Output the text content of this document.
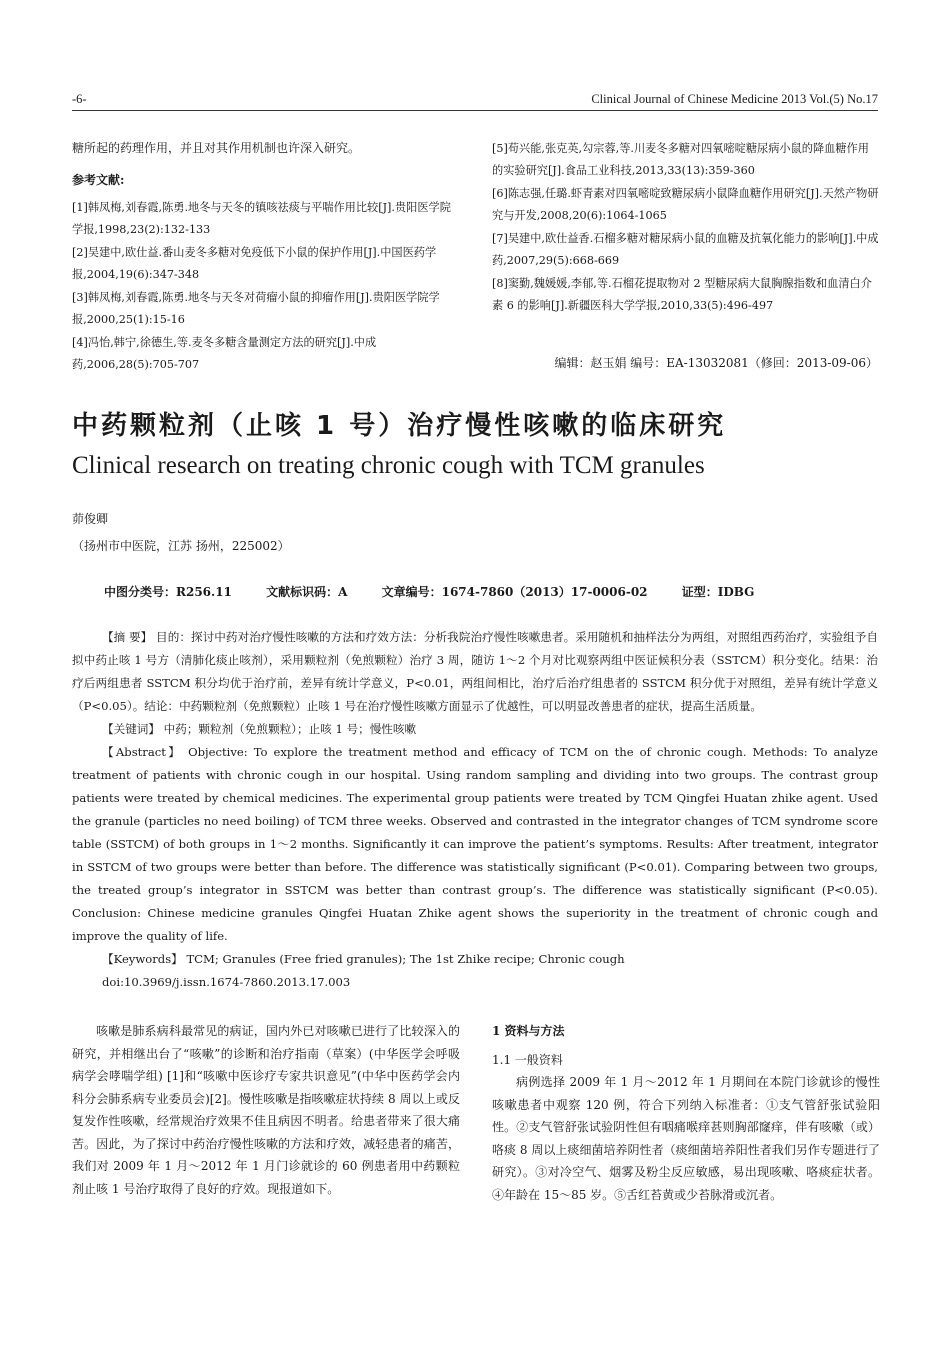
-6-	Clinical Journal of Chinese Medicine 2013 Vol.(5) No.17

糖所起的药理作用，并且对其作用机制也许深入研究。

参考文献:

[1]韩凤梅,刘春霞,陈勇.地冬与天冬的镇咳祛痰与平喘作用比较[J].贵阳医学院学报,1998,23(2):132-133

[2]吴建中,欧仕益.番山麦冬多糖对免疫低下小鼠的保护作用[J].中国医药学报,2004,19(6):347-348

[3]韩凤梅,刘春霞,陈勇.地冬与天冬对荷瘤小鼠的抑瘤作用[J].贵阳医学院学报,2000,25(1):15-16

[4]冯怡,韩宁,徐德生,等.麦冬多糖含量测定方法的研究[J].中成药,2006,28(5):705-707

[5]苟兴能,张克英,勾宗蓉,等.川麦冬多糖对四氧嘧啶糖尿病小鼠的降血糖作用的实验研究[J].食品工业科技,2013,33(13):359-360

[6]陈志强,任璐.虾青素对四氧嘧啶致糖尿病小鼠降血糖作用研究[J].天然产物研究与开发,2008,20(6):1064-1065

[7]吴建中,欧仕益香.石榴多糖对糖尿病小鼠的血糖及抗氧化能力的影响[J].中成药,2007,29(5):668-669

[8]窦勤,魏媛媛,李郁,等.石榴花提取物对 2 型糖尿病大鼠胸腺指数和血清白介素 6 的影响[J].新疆医科大学学报,2010,33(5):496-497

编辑：赵玉娟 编号：EA-13032081（修回：2013-09-06）
中药颗粒剂（止咳 1 号）治疗慢性咳嗽的临床研究
Clinical research on treating chronic cough with TCM granules
茆俊卿
（扬州市中医院，江苏 扬州，225002）
中图分类号：R256.11	文献标识码：A	文章编号：1674-7860（2013）17-0006-02	证型：IDBG

【摘 要】 目的：探讨中药对治疗慢性咳嗽的方法和疗效方法：分析我院治疗慢性咳嗽患者。采用随机和抽样法分为两组，对照组西药治疗，实验组予自拟中药止咳 1 号方（清肺化痰止咳剂），采用颗粒剂（免煎颗粒）治疗 3 周，随访 1～2 个月对比观察两组中医证候积分表（SSTCM）积分变化。结果：治疗后两组患者 SSTCM 积分均优于治疗前，差异有统计学意义，P<0.01，两组间相比，治疗后治疗组患者的 SSTCM 积分优于对照组，差异有统计学意义（P<0.05）。结论：中药颗粒剂（免煎颗粒）止咳 1 号在治疗慢性咳嗽方面显示了优越性，可以明显改善患者的症状，提高生活质量。

【关键词】 中药；颗粒剂（免煎颗粒）；止咳 1 号；慢性咳嗽

【Abstract】 Objective: To explore the treatment method and efficacy of TCM on the of chronic cough. Methods: To analyze treatment of patients with chronic cough in our hospital. Using random sampling and dividing into two groups. The contrast group patients were treated by chemical medicines. The experimental group patients were treated by TCM Qingfei Huatan zhike agent. Used the granule (particles no need boiling) of TCM three weeks. Observed and contrasted in the integrator changes of TCM syndrome score table (SSTCM) of both groups in 1～2 months. Significantly it can improve the patient’s symptoms. Results: After treatment, integrator in SSTCM of two groups were better than before. The difference was statistically significant (P<0.01). Comparing between two groups, the treated group’s integrator in SSTCM was better than contrast group’s. The difference was statistically significant (P<0.05). Conclusion: Chinese medicine granules Qingfei Huatan Zhike agent shows the superiority in the treatment of chronic cough and improve the quality of life.

【Keywords】 TCM; Granules (Free fried granules); The 1st Zhike recipe; Chronic cough

doi:10.3969/j.issn.1674-7860.2013.17.003

咳嗽是肺系病科最常见的病证，国内外已对咳嗽已进行了比较深入的研究，并相继出台了“咳嗽”的诊断和治疗指南（草案）(中华医学会呼吸病学会哮喘学组) [1]和“咳嗽中医诊疗专家共识意见”(中华中医药学会内科分会肺系病专业委员会)[2]。慢性咳嗽是指咳嗽症状持续 8 周以上或反复发作性咳嗽，经常规治疗效果不佳且病因不明者。给患者带来了很大痛苦。因此，为了探讨中药治疗慢性咳嗽的方法和疗效，减轻患者的痛苦，我们对 2009 年 1 月～2012 年 1 月门诊就诊的 60 例患者用中药颗粒剂止咳 1 号治疗取得了良好的疗效。现报道如下。

1 资料与方法

1.1 一般资料

病例选择 2009 年 1 月～2012 年 1 月期间在本院门诊就诊的慢性咳嗽患者中观察 120 例，符合下列纳入标准者：①支气管舒张试验阳性。②支气管舒张试验阴性但有咽痛喉痒甚则胸部窿痒，伴有咳嗽（或）咯痰 8 周以上痰细菌培养阴性者（痰细菌培养阳性者我们另作专题进行了研究）。③对冷空气、烟雾及粉尘反应敏感，易出现咳嗽、咯痰症状者。④年龄在 15～85 岁。⑤舌红苔黄或少苔脉滑或沉者。
